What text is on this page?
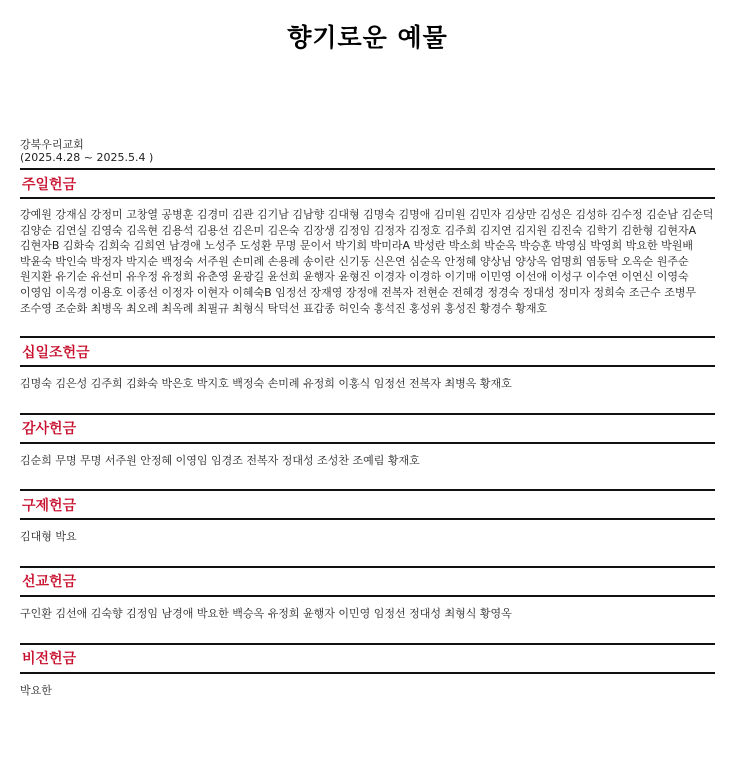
향기로운 예물
강북우리교회
(2025.4.28 ~ 2025.5.4 )
주일헌금
강예원 강재심 강정미 고창열 공병훈 김경미 김관 김기남 김남향 김대형 김명숙 김명애 김미원 김민자 김상만 김성은 김성하 김수정 김순남 김순덕 김양순 김연실 김영숙 김옥현 김용석 김용선 김은미 김은숙 김장생 김정임 김정자 김정호 김주희 김지연 김지원 김진숙 김학기 김한형 김현자A 김현자B 김화숙 김희숙 김희연 남경애 노성주 도성환 무명 문이서 박기희 박미라A 박성란 박소희 박순옥 박승훈 박영심 박영희 박요한 박원배 박윤숙 박인숙 박정자 박지순 백정숙 서주원 손미례 손용례 송이란 신기동 신은연 심순옥 안정혜 양상님 양상옥 엄명희 염동탁 오옥순 원주순 원지환 유기순 유선미 유우정 유정희 유춘영 윤광길 윤선희 윤행자 윤형진 이경자 이경하 이기매 이민영 이선애 이성구 이수연 이연신 이영숙 이영임 이옥경 이용호 이종선 이정자 이현자 이혜숙B 임정선 장재영 장정애 전복자 전현순 전혜경 정경숙 정대성 정미자 정희숙 조근수 조병무 조수영 조순화 최병옥 최오례 최옥례 최필규 최형식 탁덕선 표갑종 허인숙 홍석진 홍성위 홍성진 황경수 황재호
십일조헌금
김명숙 김은성 김주희 김화숙 박은호 박지호 백정숙 손미례 유정희 이홍식 임정선 전복자 최병옥 황재호
감사헌금
김순희 무명 무명 서주원 안정혜 이영임 임경조 전복자 정대성 조성찬 조예림 황재호
구제헌금
김대형 박요
선교헌금
구인환 김선애 김숙향 김정임 남경애 박요한 백승옥 유정희 윤행자 이민영 임정선 정대성 최형식 황영옥
비전헌금
박요한
